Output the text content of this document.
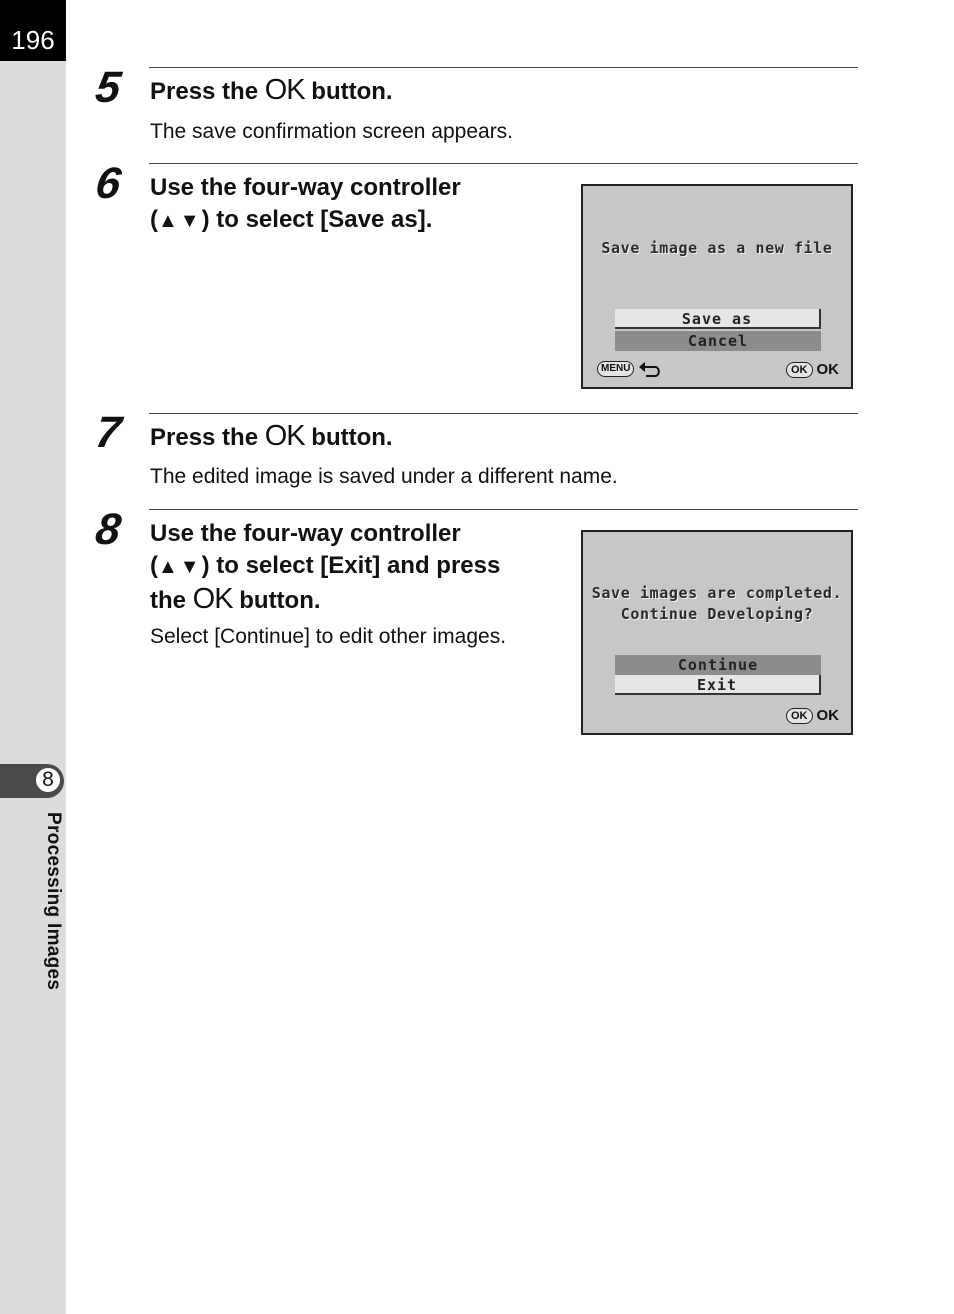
196
8
Processing Images
5 Press the OK button.
The save confirmation screen appears.
6 Use the four-way controller
(▲▼) to select [Save as].
Save image as a new file
Save as
Cancel
MENU	OK OK
7 Press the OK button.
The edited image is saved under a different name.
8 Use the four-way controller
(▲▼) to select [Exit] and press
the OK button.
Select [Continue] to edit other images.
Save images are completed.
Continue Developing?
Continue
Exit
OK OK
